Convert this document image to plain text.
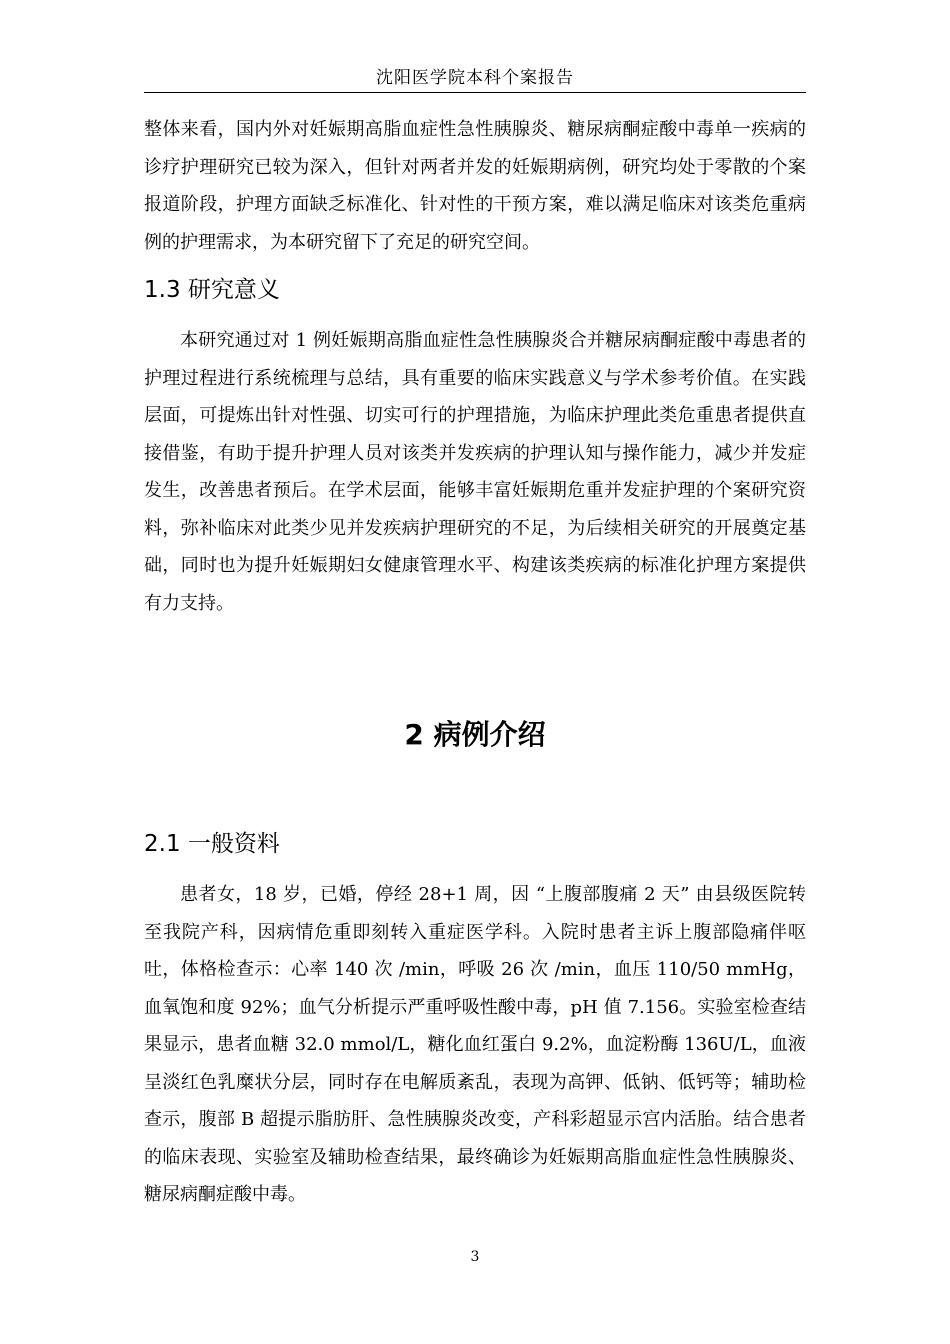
沈阳医学院本科个案报告

整体来看，国内外对妊娠期高脂血症性急性胰腺炎、糖尿病酮症酸中毒单一疾病的诊疗护理研究已较为深入，但针对两者并发的妊娠期病例，研究均处于零散的个案报道阶段，护理方面缺乏标准化、针对性的干预方案，难以满足临床对该类危重病例的护理需求，为本研究留下了充足的研究空间。

1.3 研究意义

本研究通过对 1 例妊娠期高脂血症性急性胰腺炎合并糖尿病酮症酸中毒患者的护理过程进行系统梳理与总结，具有重要的临床实践意义与学术参考价值。在实践层面，可提炼出针对性强、切实可行的护理措施，为临床护理此类危重患者提供直接借鉴，有助于提升护理人员对该类并发疾病的护理认知与操作能力，减少并发症发生，改善患者预后。在学术层面，能够丰富妊娠期危重并发症护理的个案研究资料，弥补临床对此类少见并发疾病护理研究的不足，为后续相关研究的开展奠定基础，同时也为提升妊娠期妇女健康管理水平、构建该类疾病的标准化护理方案提供有力支持。

2 病例介绍
2.1 一般资料

患者女，18 岁，已婚，停经 28+1 周，因 “上腹部腹痛 2 天” 由县级医院转至我院产科，因病情危重即刻转入重症医学科。入院时患者主诉上腹部隐痛伴呕吐，体格检查示：心率 140 次 /min，呼吸 26 次 /min，血压 110/50 mmHg，血氧饱和度 92%；血气分析提示严重呼吸性酸中毒，pH 值 7.156。实验室检查结果显示，患者血糖 32.0 mmol/L，糖化血红蛋白 9.2%，血淀粉酶 136U/L，血液呈淡红色乳糜状分层，同时存在电解质紊乱，表现为高钾、低钠、低钙等；辅助检查示，腹部 B 超提示脂肪肝、急性胰腺炎改变，产科彩超显示宫内活胎。结合患者的临床表现、实验室及辅助检查结果，最终确诊为妊娠期高脂血症性急性胰腺炎、糖尿病酮症酸中毒。

3
